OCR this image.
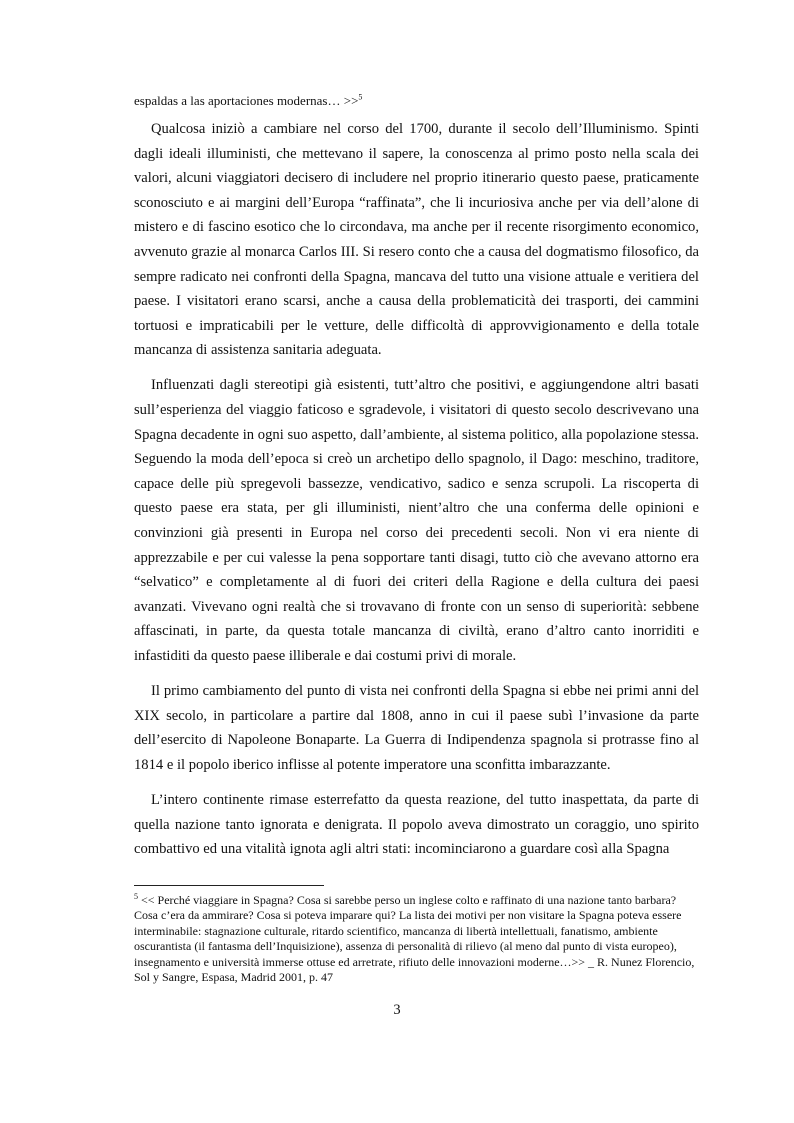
espaldas a las aportaciones modernas… >>$^5$

Qualcosa iniziò a cambiare nel corso del 1700, durante il secolo dell’Illuminismo. Spinti dagli ideali illuministi, che mettevano il sapere, la conoscenza al primo posto nella scala dei valori, alcuni viaggiatori decisero di includere nel proprio itinerario questo paese, praticamente sconosciuto e ai margini dell’Europa “raffinata”, che li incuriosiva anche per via dell’alone di mistero e di fascino esotico che lo circondava, ma anche per il recente risorgimento economico, avvenuto grazie al monarca Carlos III. Si resero conto che a causa del dogmatismo filosofico, da sempre radicato nei confronti della Spagna, mancava del tutto una visione attuale e veritiera del paese. I visitatori erano scarsi, anche a causa della problematicità dei trasporti, dei cammini tortuosi e impraticabili per le vetture, delle difficoltà di approvvigionamento e della totale mancanza di assistenza sanitaria adeguata.

Influenzati dagli stereotipi già esistenti, tutt’altro che positivi, e aggiungendone altri basati sull’esperienza del viaggio faticoso e sgradevole, i visitatori di questo secolo descrivevano una Spagna decadente in ogni suo aspetto, dall’ambiente, al sistema politico, alla popolazione stessa. Seguendo la moda dell’epoca si creò un archetipo dello spagnolo, il Dago: meschino, traditore, capace delle più spregevoli bassezze, vendicativo, sadico e senza scrupoli. La riscoperta di questo paese era stata, per gli illuministi, nient’altro che una conferma delle opinioni e convinzioni già presenti in Europa nel corso dei precedenti secoli. Non vi era niente di apprezzabile e per cui valesse la pena sopportare tanti disagi, tutto ciò che avevano attorno era “selvatico” e completamente al di fuori dei criteri della Ragione e della cultura dei paesi avanzati. Vivevano ogni realtà che si trovavano di fronte con un senso di superiorità: sebbene affascinati, in parte, da questa totale mancanza di civiltà, erano d’altro canto inorriditi e infastiditi da questo paese illiberale e dai costumi privi di morale.

Il primo cambiamento del punto di vista nei confronti della Spagna si ebbe nei primi anni del XIX secolo, in particolare a partire dal 1808, anno in cui il paese subì l’invasione da parte dell’esercito di Napoleone Bonaparte. La Guerra di Indipendenza spagnola si protrasse fino al 1814 e il popolo iberico inflisse al potente imperatore una sconfitta imbarazzante.

L’intero continente rimase esterrefatto da questa reazione, del tutto inaspettata, da parte di quella nazione tanto ignorata e denigrata. Il popolo aveva dimostrato un coraggio, uno spirito combattivo ed una vitalità ignota agli altri stati: incominciarono a guardare così alla Spagna

$^5$ << Perché viaggiare in Spagna? Cosa si sarebbe perso un inglese colto e raffinato di una nazione tanto barbara? Cosa c’era da ammirare? Cosa si poteva imparare qui? La lista dei motivi per non visitare la Spagna poteva essere interminabile: stagnazione culturale, ritardo scientifico, mancanza di libertà intellettuali, fanatismo, ambiente oscurantista (il fantasma dell’Inquisizione), assenza di personalità di rilievo (al meno dal punto di vista europeo), insegnamento e università immerse ottuse ed arretrate, rifiuto delle innovazioni moderne…>> _ R. Nunez Florencio, Sol y Sangre, Espasa, Madrid 2001, p. 47
3
